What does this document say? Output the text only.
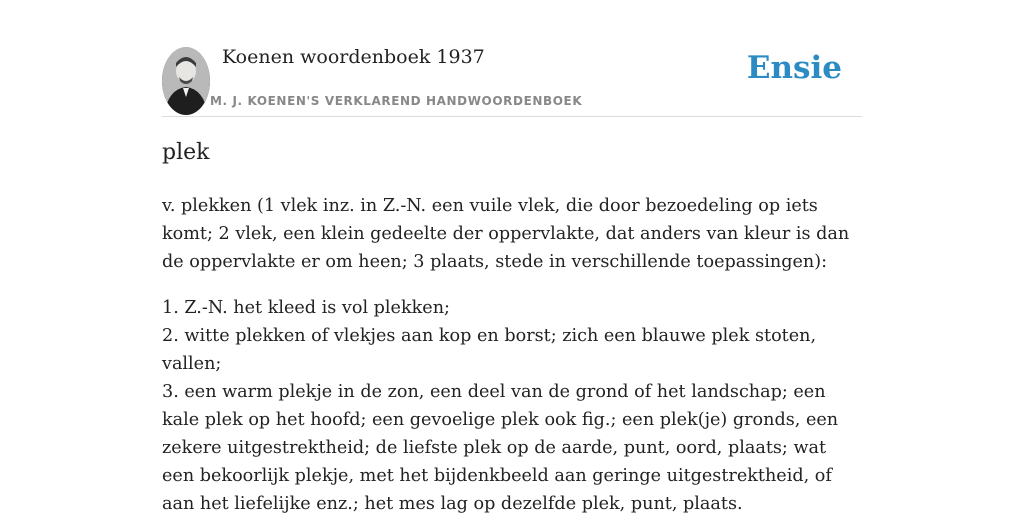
Koenen woordenboek 1937
M. J. KOENEN'S VERKLAREND HANDWOORDENBOEK
Ensie
plek

v. plekken (1 vlek inz. in Z.-N. een vuile vlek, die door bezoedeling op iets komt; 2 vlek, een klein gedeelte der oppervlakte, dat anders van kleur is dan de oppervlakte er om heen; 3 plaats, stede in verschillende toepassingen):

1. Z.-N. het kleed is vol plekken;
2. witte plekken of vlekjes aan kop en borst; zich een blauwe plek stoten, vallen;
3. een warm plekje in de zon, een deel van de grond of het landschap; een kale plek op het hoofd; een gevoelige plek ook fig.; een plek(je) gronds, een zekere uitgestrektheid; de liefste plek op de aarde, punt, oord, plaats; wat een bekoorlijk plekje, met het bijdenkbeeld aan geringe uitgestrektheid, of aan het liefelijke enz.; het mes lag op dezelfde plek, punt, plaats.
